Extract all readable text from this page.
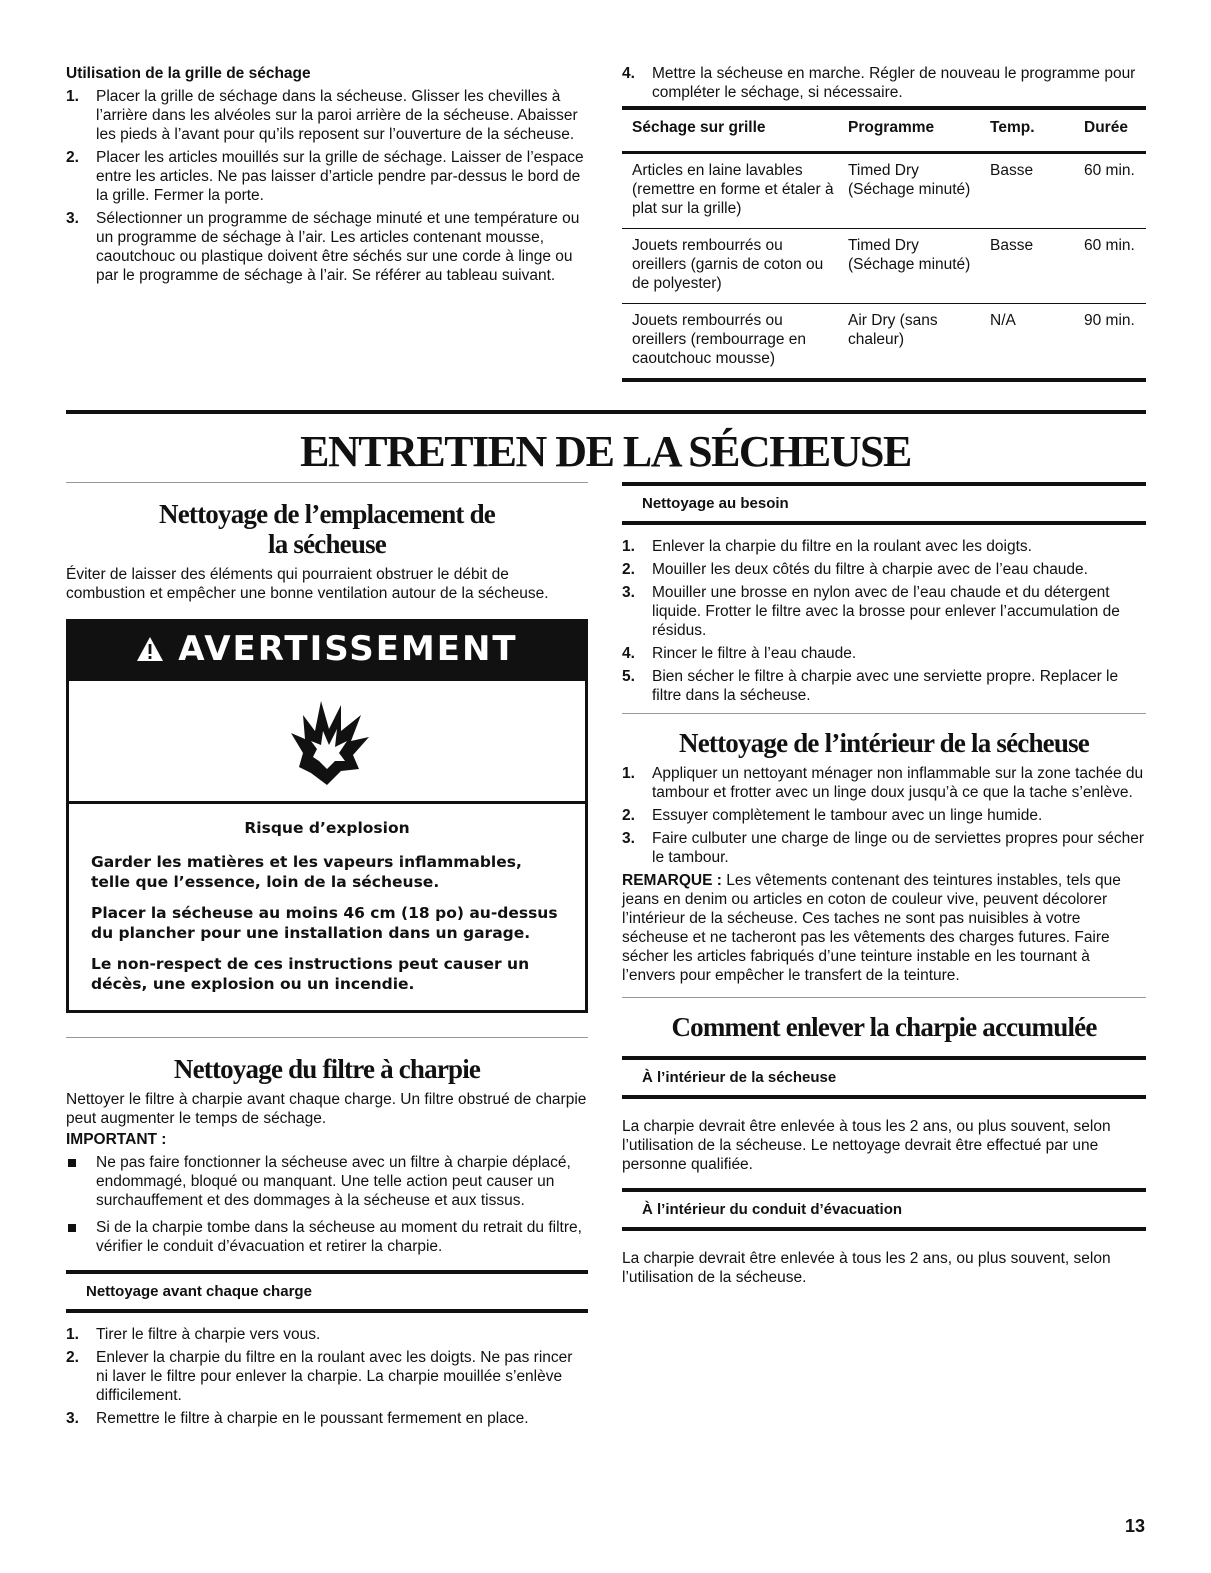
Utilisation de la grille de séchage

1. Placer la grille de séchage dans la sécheuse. Glisser les chevilles à l’arrière dans les alvéoles sur la paroi arrière de la sécheuse. Abaisser les pieds à l’avant pour qu’ils reposent sur l’ouverture de la sécheuse.
2. Placer les articles mouillés sur la grille de séchage. Laisser de l’espace entre les articles. Ne pas laisser d’article pendre par-dessus le bord de la grille. Fermer la porte.
3. Sélectionner un programme de séchage minuté et une température ou un programme de séchage à l’air. Les articles contenant mousse, caoutchouc ou plastique doivent être séchés sur une corde à linge ou par le programme de séchage à l’air. Se référer au tableau suivant.
4. Mettre la sécheuse en marche. Régler de nouveau le programme pour compléter le séchage, si nécessaire.
Séchage sur grille	Programme	Temp.	Durée
Articles en laine lavables (remettre en forme et étaler à plat sur la grille)	Timed Dry (Séchage minuté)	Basse	60 min.
Jouets rembourrés ou oreillers (garnis de coton ou de polyester)	Timed Dry (Séchage minuté)	Basse	60 min.
Jouets rembourrés ou oreillers (rembourrage en caoutchouc mousse)	Air Dry (sans chaleur)	N/A	90 min.
ENTRETIEN DE LA SÉCHEUSE
Nettoyage de l’emplacement de
la sécheuse

Éviter de laisser des éléments qui pourraient obstruer le débit de combustion et empêcher une bonne ventilation autour de la sécheuse.

AVERTISSEMENT

Risque d’explosion

Garder les matières et les vapeurs inflammables, telle que l’essence, loin de la sécheuse.

Placer la sécheuse au moins 46 cm (18 po) au-dessus du plancher pour une installation dans un garage.

Le non-respect de ces instructions peut causer un décès, une explosion ou un incendie.

Nettoyage du filtre à charpie

Nettoyer le filtre à charpie avant chaque charge. Un filtre obstrué de charpie peut augmenter le temps de séchage.

IMPORTANT :

Ne pas faire fonctionner la sécheuse avec un filtre à charpie déplacé, endommagé, bloqué ou manquant. Une telle action peut causer un surchauffement et des dommages à la sécheuse et aux tissus.
Si de la charpie tombe dans la sécheuse au moment du retrait du filtre, vérifier le conduit d’évacuation et retirer la charpie.
Nettoyage avant chaque charge
1. Tirer le filtre à charpie vers vous.
2. Enlever la charpie du filtre en la roulant avec les doigts. Ne pas rincer ni laver le filtre pour enlever la charpie. La charpie mouillée s’enlève difficilement.
3. Remettre le filtre à charpie en le poussant fermement en place.
Nettoyage au besoin
1. Enlever la charpie du filtre en la roulant avec les doigts.
2. Mouiller les deux côtés du filtre à charpie avec de l’eau chaude.
3. Mouiller une brosse en nylon avec de l’eau chaude et du détergent liquide. Frotter le filtre avec la brosse pour enlever l’accumulation de résidus.
4. Rincer le filtre à l’eau chaude.
5. Bien sécher le filtre à charpie avec une serviette propre. Replacer le filtre dans la sécheuse.
Nettoyage de l’intérieur de la sécheuse
1. Appliquer un nettoyant ménager non inflammable sur la zone tachée du tambour et frotter avec un linge doux jusqu’à ce que la tache s’enlève.
2. Essuyer complètement le tambour avec un linge humide.
3. Faire culbuter une charge de linge ou de serviettes propres pour sécher le tambour.

REMARQUE : Les vêtements contenant des teintures instables, tels que jeans en denim ou articles en coton de couleur vive, peuvent décolorer l’intérieur de la sécheuse. Ces taches ne sont pas nuisibles à votre sécheuse et ne tacheront pas les vêtements des charges futures. Faire sécher les articles fabriqués d’une teinture instable en les tournant à l’envers pour empêcher le transfert de la teinture.

Comment enlever la charpie accumulée
À l’intérieur de la sécheuse

La charpie devrait être enlevée à tous les 2 ans, ou plus souvent, selon l’utilisation de la sécheuse. Le nettoyage devrait être effectué par une personne qualifiée.

À l’intérieur du conduit d’évacuation

La charpie devrait être enlevée à tous les 2 ans, ou plus souvent, selon l’utilisation de la sécheuse.

13
